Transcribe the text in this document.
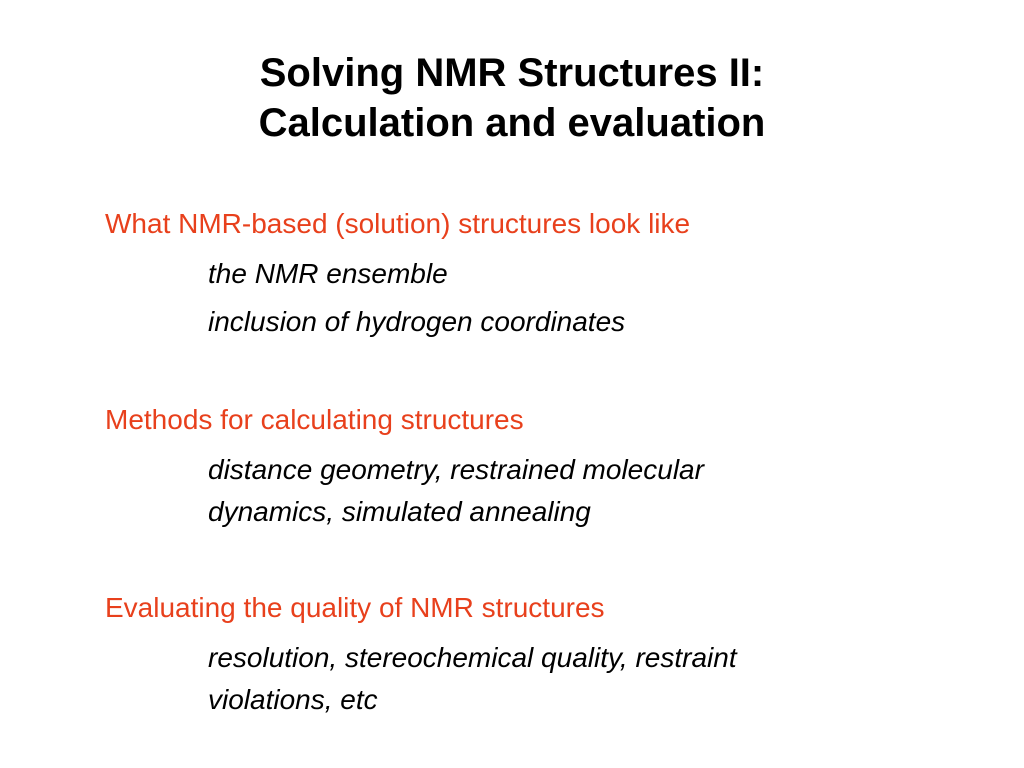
Solving NMR Structures II:
Calculation and evaluation
What NMR-based (solution) structures look like
the NMR ensemble
inclusion of hydrogen coordinates
Methods for calculating structures
distance geometry, restrained molecular
dynamics, simulated annealing
Evaluating the quality of NMR structures
resolution, stereochemical quality, restraint
violations, etc
